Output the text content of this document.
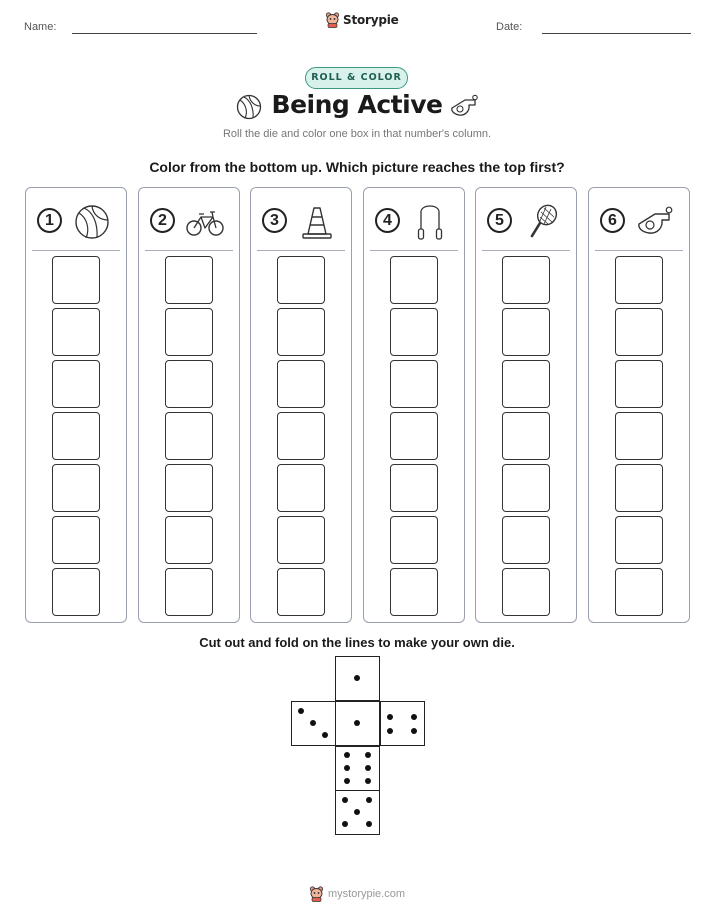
Name:	Date:
Storypie
ROLL & COLOR
Being Active
Roll the die and color one box in that number's column.
Color from the bottom up. Which picture reaches the top first?
1	2	3	4	5	6
Cut out and fold on the lines to make your own die.
mystorypie.com
